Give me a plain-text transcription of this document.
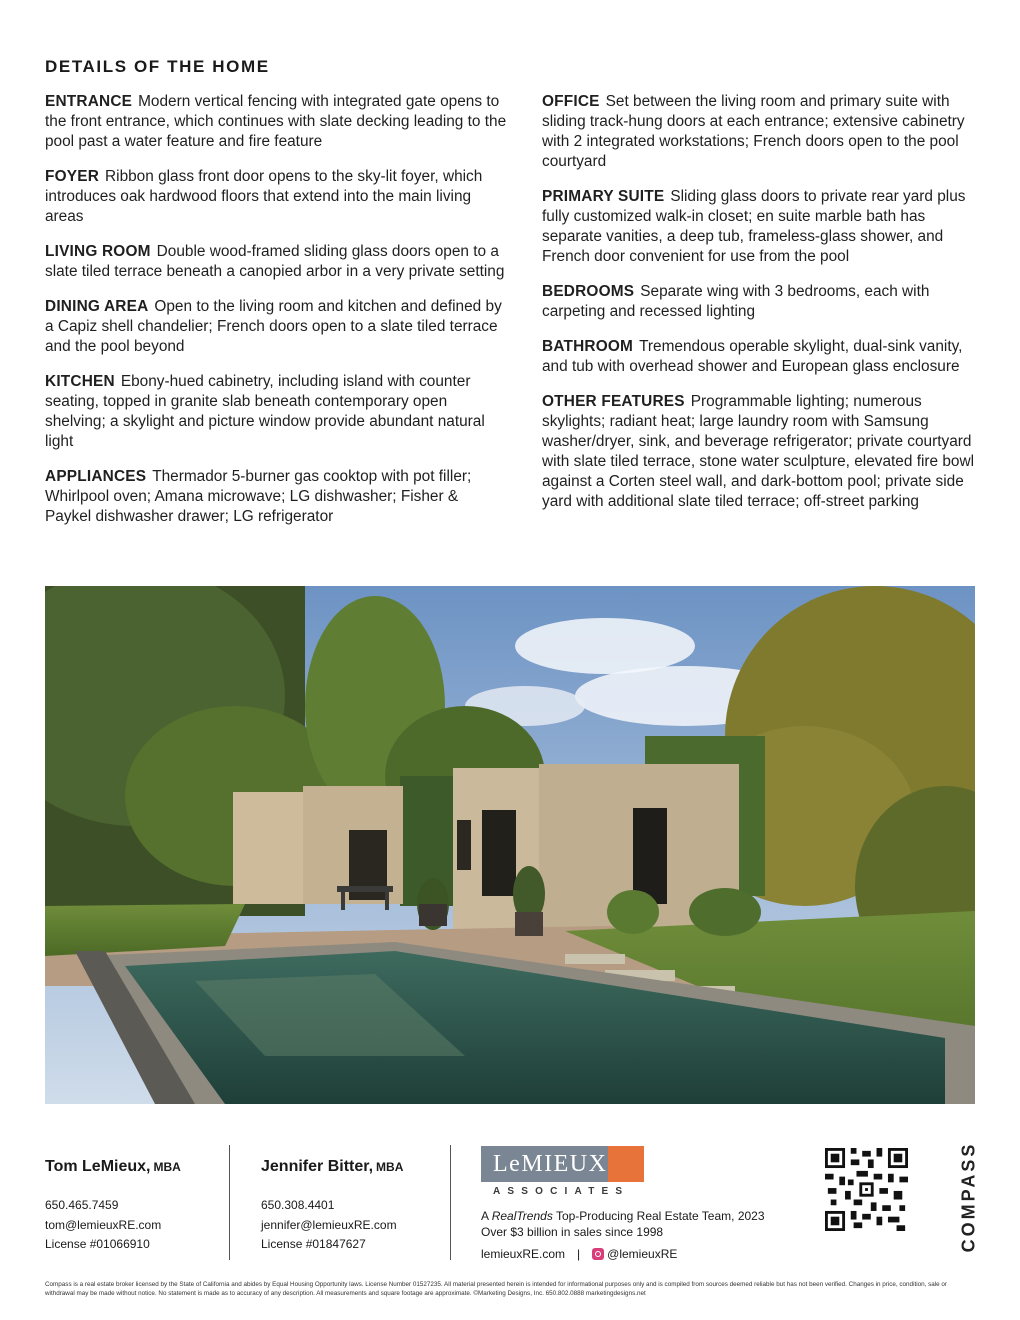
DETAILS OF THE HOME

ENTRANCE Modern vertical fencing with integrated gate opens to the front entrance, which continues with slate decking leading to the pool past a water feature and fire feature

FOYER Ribbon glass front door opens to the sky-lit foyer, which introduces oak hardwood floors that extend into the main living areas

LIVING ROOM Double wood-framed sliding glass doors open to a slate tiled terrace beneath a canopied arbor in a very private setting

DINING AREA Open to the living room and kitchen and defined by a Capiz shell chandelier; French doors open to a slate tiled terrace and the pool beyond

KITCHEN Ebony-hued cabinetry, including island with counter seating, topped in granite slab beneath contemporary open shelving; a skylight and picture window provide abundant natural light

APPLIANCES Thermador 5-burner gas cooktop with pot filler; Whirlpool oven; Amana microwave; LG dishwasher; Fisher & Paykel dishwasher drawer; LG refrigerator

OFFICE Set between the living room and primary suite with sliding track-hung doors at each entrance; extensive cabinetry with 2 integrated workstations; French doors open to the pool courtyard

PRIMARY SUITE Sliding glass doors to private rear yard plus fully customized walk-in closet; en suite marble bath has separate vanities, a deep tub, frameless-glass shower, and French door convenient for use from the pool

BEDROOMS Separate wing with 3 bedrooms, each with carpeting and recessed lighting

BATHROOM Tremendous operable skylight, dual-sink vanity, and tub with overhead shower and European glass enclosure

OTHER FEATURES Programmable lighting; numerous skylights; radiant heat; large laundry room with Samsung washer/dryer, sink, and beverage refrigerator; private courtyard with slate tiled terrace, stone water sculpture, elevated fire bowl against a Corten steel wall, and dark-bottom pool; private side yard with additional slate tiled terrace; off-street parking

Tom LeMieux, MBA
650.465.7459
tom@lemieuxRE.com
License #01066910
Jennifer Bitter, MBA
650.308.4401
jennifer@lemieuxRE.com
License #01847627
LeMIEUX
ASSOCIATES
A RealTrends Top-Producing Real Estate Team, 2023
Over $3 billion in sales since 1998
lemieuxRE.com | @lemieuxRE
COMPASS
Compass is a real estate broker licensed by the State of California and abides by Equal Housing Opportunity laws. License Number 01527235. All material presented herein is intended for informational purposes only and is compiled from sources deemed reliable but has not been verified. Changes in price, condition, sale or withdrawal may be made without notice. No statement is made as to accuracy of any description. All measurements and square footage are approximate. ©Marketing Designs, Inc. 650.802.0888 marketingdesigns.net
